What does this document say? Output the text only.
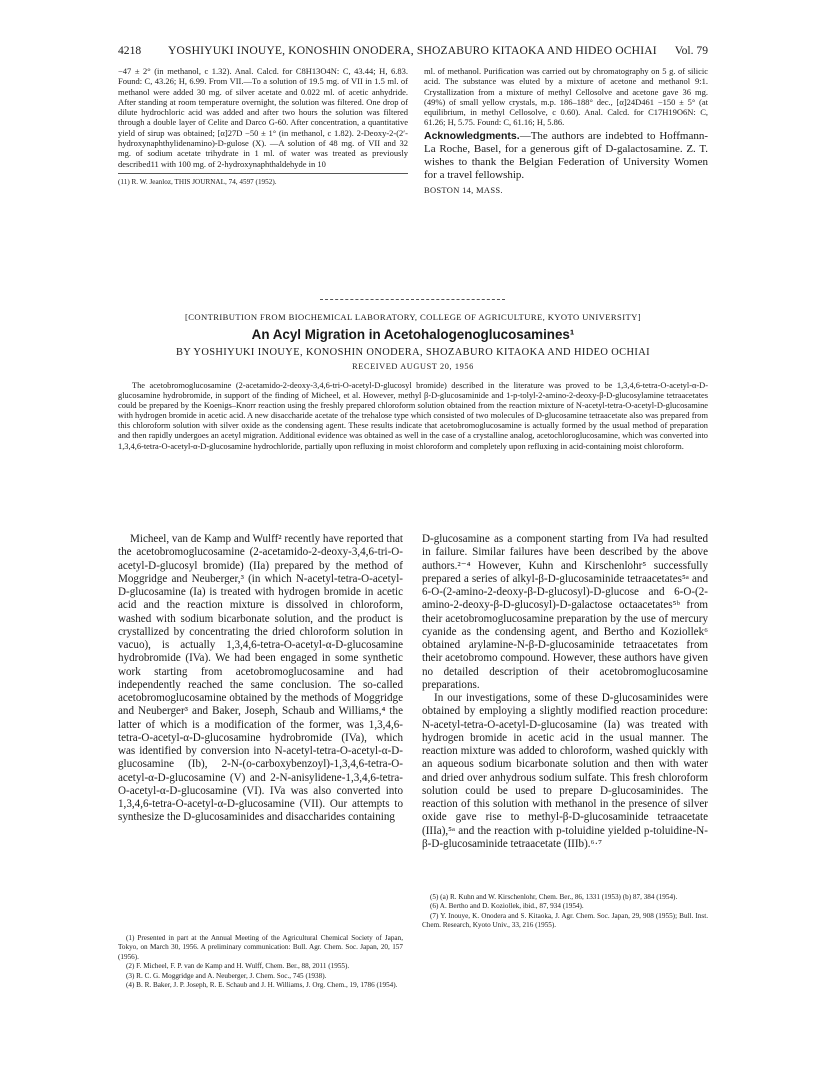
4218 YOSHIYUKI INOUYE, KONOSHIN ONODERA, SHOZABURO KITAOKA AND HIDEO OCHIAI Vol. 79

−47 ± 2° (in methanol, c 1.32). Anal. Calcd. for C8H13O4N: C, 43.44; H, 6.83. Found: C, 43.26; H, 6.99. From VII.—To a solution of 19.5 mg. of VII in 1.5 ml. of methanol were added 30 mg. of silver acetate and 0.022 ml. of acetic anhydride. After standing at room temperature overnight, the solution was filtered. One drop of dilute hydrochloric acid was added and after two hours the solution was filtered through a double layer of Celite and Darco G-60. After concentration, a quantitative yield of sirup was obtained; [α]27D −50 ± 1° (in methanol, c 1.82). 2-Deoxy-2-(2′-hydroxynaphthylidenamino)-D-gulose (X). —A solution of 48 mg. of VII and 32 mg. of sodium acetate trihydrate in 1 ml. of water was treated as previously described11 with 100 mg. of 2-hydroxynaphthaldehyde in 10

(11) R. W. Jeanloz, THIS JOURNAL, 74, 4597 (1952).

ml. of methanol. Purification was carried out by chromatography on 5 g. of silicic acid. The substance was eluted by a mixture of acetone and methanol 9:1. Crystallization from a mixture of methyl Cellosolve and acetone gave 36 mg. (49%) of small yellow crystals, m.p. 186–188° dec., [α]24D461 −150 ± 5° (at equilibrium, in methyl Cellosolve, c 0.60). Anal. Calcd. for C17H19O6N: C, 61.26; H, 5.75. Found: C, 61.16; H, 5.86.

Acknowledgments.—The authors are indebted to Hoffmann-La Roche, Basel, for a generous gift of D-galactosamine. Z. T. wishes to thank the Belgian Federation of University Women for a travel fellowship.

BOSTON 14, MASS.

[CONTRIBUTION FROM BIOCHEMICAL LABORATORY, COLLEGE OF AGRICULTURE, KYOTO UNIVERSITY]
An Acyl Migration in Acetohalogenoglucosamines¹
BY YOSHIYUKI INOUYE, KONOSHIN ONODERA, SHOZABURO KITAOKA AND HIDEO OCHIAI
RECEIVED AUGUST 20, 1956

The acetobromoglucosamine (2-acetamido-2-deoxy-3,4,6-tri-O-acetyl-D-glucosyl bromide) described in the literature was proved to be 1,3,4,6-tetra-O-acetyl-α-D-glucosamine hydrobromide, in support of the finding of Micheel, et al. However, methyl β-D-glucosaminide and 1-p-tolyl-2-amino-2-deoxy-β-D-glucosylamine tetraacetates could be prepared by the Koenigs–Knorr reaction using the freshly prepared chloroform solution obtained from the reaction mixture of N-acetyl-tetra-O-acetyl-D-glucosamine with hydrogen bromide in acetic acid. A new disaccharide acetate of the trehalose type which consisted of two molecules of D-glucosamine tetraacetate also was prepared from this chloroform solution with silver oxide as the condensing agent. These results indicate that acetobromoglucosamine is actually formed by the usual method of preparation and then rapidly undergoes an acetyl migration. Additional evidence was obtained as well in the case of a crystalline analog, acetochloroglucosamine, which was converted into 1,3,4,6-tetra-O-acetyl-α-D-glucosamine hydrochloride, partially upon refluxing in moist chloroform and completely upon refluxing in acid-containing moist chloroform.

Micheel, van de Kamp and Wulff² recently have reported that the acetobromoglucosamine (2-acetamido-2-deoxy-3,4,6-tri-O-acetyl-D-glucosyl bromide) (IIa) prepared by the method of Moggridge and Neuberger,³ (in which N-acetyl-tetra-O-acetyl-D-glucosamine (Ia) is treated with hydrogen bromide in acetic acid and the reaction mixture is dissolved in chloroform, washed with sodium bicarbonate solution, and the product is crystallized by concentrating the dried chloroform solution in vacuo), is actually 1,3,4,6-tetra-O-acetyl-α-D-glucosamine hydrobromide (IVa). We had been engaged in some synthetic work starting from acetobromoglucosamine and had independently reached the same conclusion. The so-called acetobromoglucosamine obtained by the methods of Moggridge and Neuberger³ and Baker, Joseph, Schaub and Williams,⁴ the latter of which is a modification of the former, was 1,3,4,6-tetra-O-acetyl-α-D-glucosamine hydrobromide (IVa), which was identified by conversion into N-acetyl-tetra-O-acetyl-α-D-glucosamine (Ib), 2-N-(o-carboxybenzoyl)-1,3,4,6-tetra-O-acetyl-α-D-glucosamine (V) and 2-N-anisylidene-1,3,4,6-tetra-O-acetyl-α-D-glucosamine (VI). IVa was also converted into 1,3,4,6-tetra-O-acetyl-α-D-glucosamine (VII). Our attempts to synthesize the D-glucosaminides and disaccharides containing

D-glucosamine as a component starting from IVa had resulted in failure. Similar failures have been described by the above authors.²⁻⁴ However, Kuhn and Kirschenlohr⁵ successfully prepared a series of alkyl-β-D-glucosaminide tetraacetates⁵ᵃ and 6-O-(2-amino-2-deoxy-β-D-glucosyl)-D-glucose and 6-O-(2-amino-2-deoxy-β-D-glucosyl)-D-galactose octaacetates⁵ᵇ from their acetobromoglucosamine preparation by the use of mercury cyanide as the condensing agent, and Bertho and Koziollek⁶ obtained arylamine-N-β-D-glucosaminide tetraacetates from their acetobromo compound. However, these authors have given no detailed description of their acetobromoglucosamine preparations.

In our investigations, some of these D-glucosaminides were obtained by employing a slightly modified reaction procedure: N-acetyl-tetra-O-acetyl-D-glucosamine (Ia) was treated with hydrogen bromide in acetic acid in the usual manner. The reaction mixture was added to chloroform, washed quickly with an aqueous sodium bicarbonate solution and then with water and dried over anhydrous sodium sulfate. This fresh chloroform solution could be used to prepare D-glucosaminides. The reaction of this solution with methanol in the presence of silver oxide gave rise to methyl-β-D-glucosaminide tetraacetate (IIIa),⁵ᵃ and the reaction with p-toluidine yielded p-toluidine-N-β-D-glucosaminide tetraacetate (IIIb).⁶·⁷

(1) Presented in part at the Annual Meeting of the Agricultural Chemical Society of Japan, Tokyo, on March 30, 1956. A preliminary communication: Bull. Agr. Chem. Soc. Japan, 20, 157 (1956).
(2) F. Micheel, F. P. van de Kamp and H. Wulff, Chem. Ber., 88, 2011 (1955).
(3) R. C. G. Moggridge and A. Neuberger, J. Chem. Soc., 745 (1938).
(4) B. R. Baker, J. P. Joseph, R. E. Schaub and J. H. Williams, J. Org. Chem., 19, 1786 (1954).
(5) (a) R. Kuhn and W. Kirschenlohr, Chem. Ber., 86, 1331 (1953) (b) 87, 384 (1954).
(6) A. Bertho and D. Koziollek, ibid., 87, 934 (1954).
(7) Y. Inouye, K. Onodera and S. Kitaoka, J. Agr. Chem. Soc. Japan, 29, 908 (1955); Bull. Inst. Chem. Research, Kyoto Univ., 33, 216 (1955).
